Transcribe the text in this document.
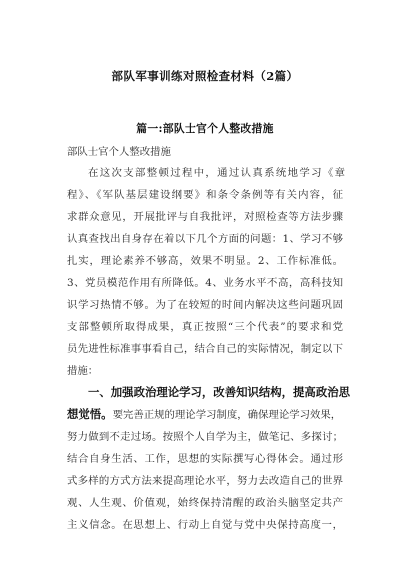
部队军事训练对照检查材料（2篇）
篇一:部队士官个人整改措施
部队士官个人整改措施
在这次支部整顿过程中，通过认真系统地学习《章
程》、《军队基层建设纲要》和条令条例等有关内容，征
求群众意见，开展批评与自我批评，对照检查等方法步骤
认真查找出自身存在着以下几个方面的问题：1、学习不够
扎实，理论素养不够高，效果不明显。2、工作标准低。
3、党员模范作用有所降低。4、业务水平不高，高科技知
识学习热情不够。为了在较短的时间内解决这些问题巩固
支部整顿所取得成果，真正按照“三个代表”的要求和党
员先进性标准事事看自己，结合自己的实际情况，制定以下
措施：
一、加强政治理论学习，改善知识结构，提高政治思
想觉悟。要完善正规的理论学习制度，确保理论学习效果，
努力做到不走过场。按照个人自学为主，做笔记、多探讨；
结合自身生活、工作，思想的实际撰写心得体会。通过形
式多样的方式方法来提高理论水平，努力去改造自己的世界
观、人生观、价值观，始终保持清醒的政治头脑坚定共产
主义信念。在思想上、行动上自觉与党中央保持高度一，
